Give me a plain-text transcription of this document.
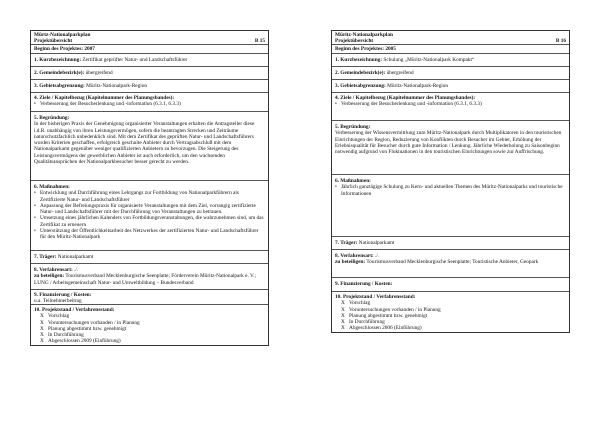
Mürtz-Nationalparkplan
Projektübersicht	B 15
Beginn des Projektes: 2007
1. Kurzbezeichnung: Zertifikat geprüfter Natur- und Landschaftsführer
2. Gemeindebezirk(e): übergreifend
3. Gebietsabgrenzung: Müritz-Nationalpark-Region
4. Ziele / Kapitelbezug (Kapitelnummer des Planungsbandes):
• Verbesserung der Besucherlenkung und -information (6.3.1, 6.3.3)
5. Begründung:

In der bisherigen Praxis der Genehmigung organisierter Veranstaltungen erhalten die Antragsteller diese i.d.R. unabhängig von ihren Leistungsvermögen, sofern die beantragten Strecken und Zeiträume naturschutzfachlich unbedenklich sind. Mit dem Zertifikat des geprüften Natur- und Landschaftsführers wurden Kriterien geschaffen, erfolgreich geschulte Anbieter durch Vertragsabschluß mit dem Nationalparkamt gegenüber weniger qualifizierten Anbietern zu bevorzugen. Die Steigerung des Leistungsvermögens der gewerblichen Anbieter ist auch erforderlich, um den wachsenden Qualitätsansprüchen der Nationalparkbesucher besser gerecht zu werden.

6. Maßnahmen:
• Entwicklung und Durchführung eines Lehrgangs zur Fortbildung von Nationalparkführern als Zertifizierte Natur- und Landschaftsführer
• Anpassung der Befreiungspraxis für organisierte Veranstaltungen mit dem Ziel, vorrangig zertifizierte Natur- und Landschaftsführer mit der Durchführung von Veranstaltungen zu betrauen.
• Umsetzung eines jährlichen Kalenders von Fortbildungsveranstaltungen, die wahrzunehmen sind, um das Zertifikat zu erneuern
• Unterstützung der Öffentlichkeitsarbeit des Netzwerkes der zertifizierten Natur- und Landschaftsführer für den Müritz-Nationalpark
7. Träger: Nationalparkamt
8. Verfahrensart: ./.
zu beteiligen: Tourismusverband Mecklenburgische Seenplatte; Förderverein Müritz-Nationalpark e. V.; LUNG / Arbeitsgemeinschaft Natur- und Umweltbildung – Bundesverband
9. Finanzierung / Kosten:
u.a. Teilnehmerbeitrag
10. Projektstand / Verfahrensstand:
X Vorschlag
X Voruntersuchungen vorhanden / in Planung
X Planung abgestimmt bzw. genehmigt
X In Durchführung
X Abgeschlossen 2009 (Einführung)
Müritz-Nationalparkplan
Projektübersicht	B 16
Beginn des Projektes: 2005
1. Kurzbezeichnung: Schulung „Müritz-Nationalpark Kompakt“
2. Gemeindebezirk(e): übergreifend
3. Gebietsabgrenzung: Müritz-Nationalpark-Region
4. Ziele / Kapitelbezug (Kapitelnummer des Planungsbandes):
• Verbesserung der Besucherlenkung und -information (6.3.1, 6.3.3)
5. Begründung:

Verbesserung der Wissensvermittlung zum Müritz-Nationalpark durch Multiplikatoren in den touristischen Einrichtungen der Region, Reduzierung von Konflikten durch Besucher im Gebiet, Erhöhung der Erlebnisqualität für Besucher durch gute Information / Lenkung. Jährliche Wiederholung zu Saisonbeginn notwendig aufgrund von Fluktuationen in den touristischen Einrichtungen sowie zur Auffrischung.

6. Maßnahmen:
• Jährlich ganztägige Schulung zu Kern- und aktuellen Themen des Müritz-Nationalparks und touristische Informationen
7. Träger: Nationalparkamt
8. Verfahrensart: ./.
zu beteiligen: Tourismusverband Mecklenburgische Seenplatte; Touristische Anbieter, Geopark
9. Finanzierung / Kosten:
10. Projektstand / Verfahrensstand:
X Vorschlag
X Voruntersuchungen vorhanden / in Planung
X Planung abgestimmt bzw. genehmigt
X In Durchführung
X Abgeschlossen 2006 (Einführung)
